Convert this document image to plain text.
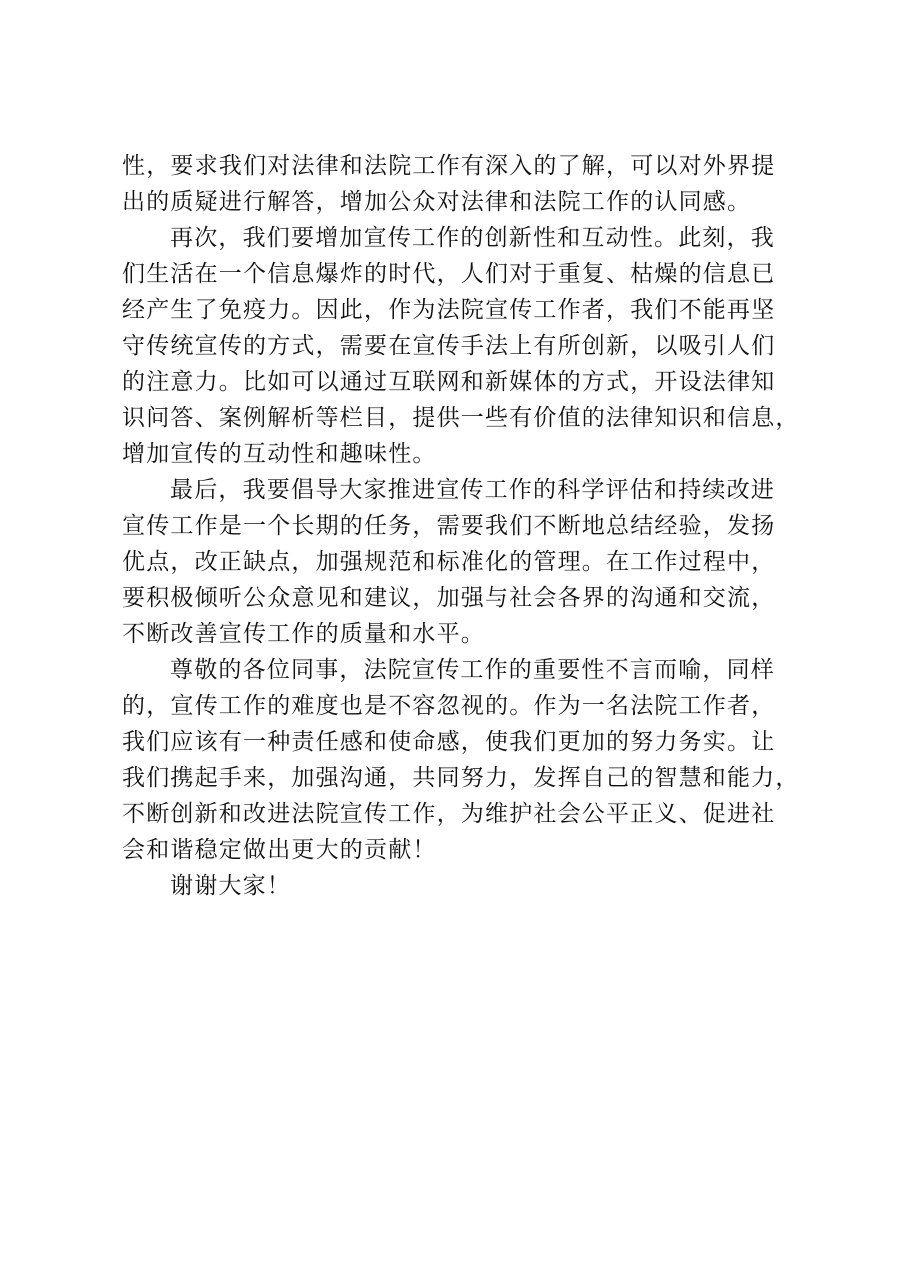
性，要求我们对法律和法院工作有深入的了解，可以对外界提
出的质疑进行解答，增加公众对法律和法院工作的认同感。
再次，我们要增加宣传工作的创新性和互动性。此刻，我
们生活在一个信息爆炸的时代，人们对于重复、枯燥的信息已
经产生了免疫力。因此，作为法院宣传工作者，我们不能再坚
守传统宣传的方式，需要在宣传手法上有所创新，以吸引人们
的注意力。比如可以通过互联网和新媒体的方式，开设法律知
识问答、案例解析等栏目，提供一些有价值的法律知识和信息，
增加宣传的互动性和趣味性。
最后，我要倡导大家推进宣传工作的科学评估和持续改进
宣传工作是一个长期的任务，需要我们不断地总结经验，发扬
优点，改正缺点，加强规范和标准化的管理。在工作过程中，
要积极倾听公众意见和建议，加强与社会各界的沟通和交流，
不断改善宣传工作的质量和水平。
尊敬的各位同事，法院宣传工作的重要性不言而喻，同样
的，宣传工作的难度也是不容忽视的。作为一名法院工作者，
我们应该有一种责任感和使命感，使我们更加的努力务实。让
我们携起手来，加强沟通，共同努力，发挥自己的智慧和能力，
不断创新和改进法院宣传工作，为维护社会公平正义、促进社
会和谐稳定做出更大的贡献！
谢谢大家！
